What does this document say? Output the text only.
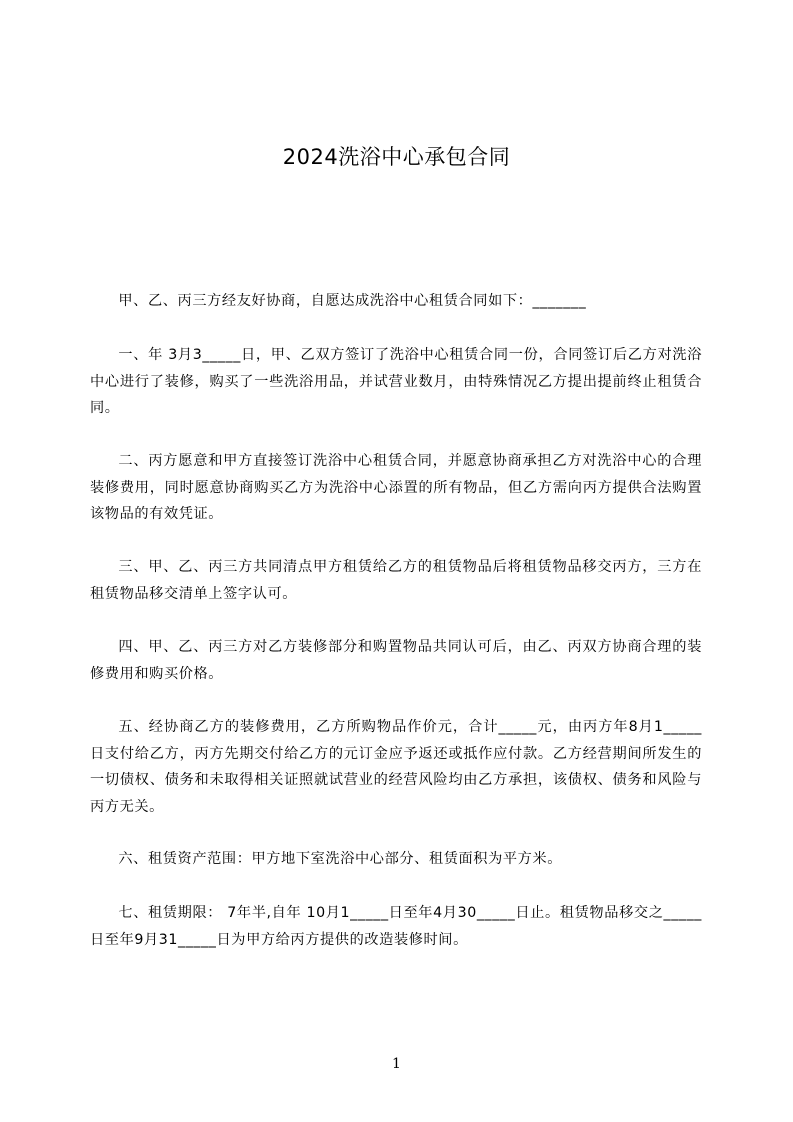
2024洗浴中心承包合同

甲、乙、丙三方经友好协商，自愿达成洗浴中心租赁合同如下：_______

一、年 3月3_____日，甲、乙双方签订了洗浴中心租赁合同一份，合同签订后乙方对洗浴中心进行了装修，购买了一些洗浴用品，并试营业数月，由特殊情况乙方提出提前终止租赁合同。

二、丙方愿意和甲方直接签订洗浴中心租赁合同，并愿意协商承担乙方对洗浴中心的合理装修费用，同时愿意协商购买乙方为洗浴中心添置的所有物品，但乙方需向丙方提供合法购置该物品的有效凭证。

三、甲、乙、丙三方共同清点甲方租赁给乙方的租赁物品后将租赁物品移交丙方，三方在租赁物品移交清单上签字认可。

四、甲、乙、丙三方对乙方装修部分和购置物品共同认可后，由乙、丙双方协商合理的装修费用和购买价格。

五、经协商乙方的装修费用，乙方所购物品作价元，合计_____元，由丙方年8月1_____日支付给乙方，丙方先期交付给乙方的元订金应予返还或抵作应付款。乙方经营期间所发生的一切债权、债务和未取得相关证照就试营业的经营风险均由乙方承担，该债权、债务和风险与丙方无关。

六、租赁资产范围：甲方地下室洗浴中心部分、租赁面积为平方米。

七、租赁期限： 7年半,自年 10月1_____日至年4月30_____日止。租赁物品移交之_____日至年9月31_____日为甲方给丙方提供的改造装修时间。

1
